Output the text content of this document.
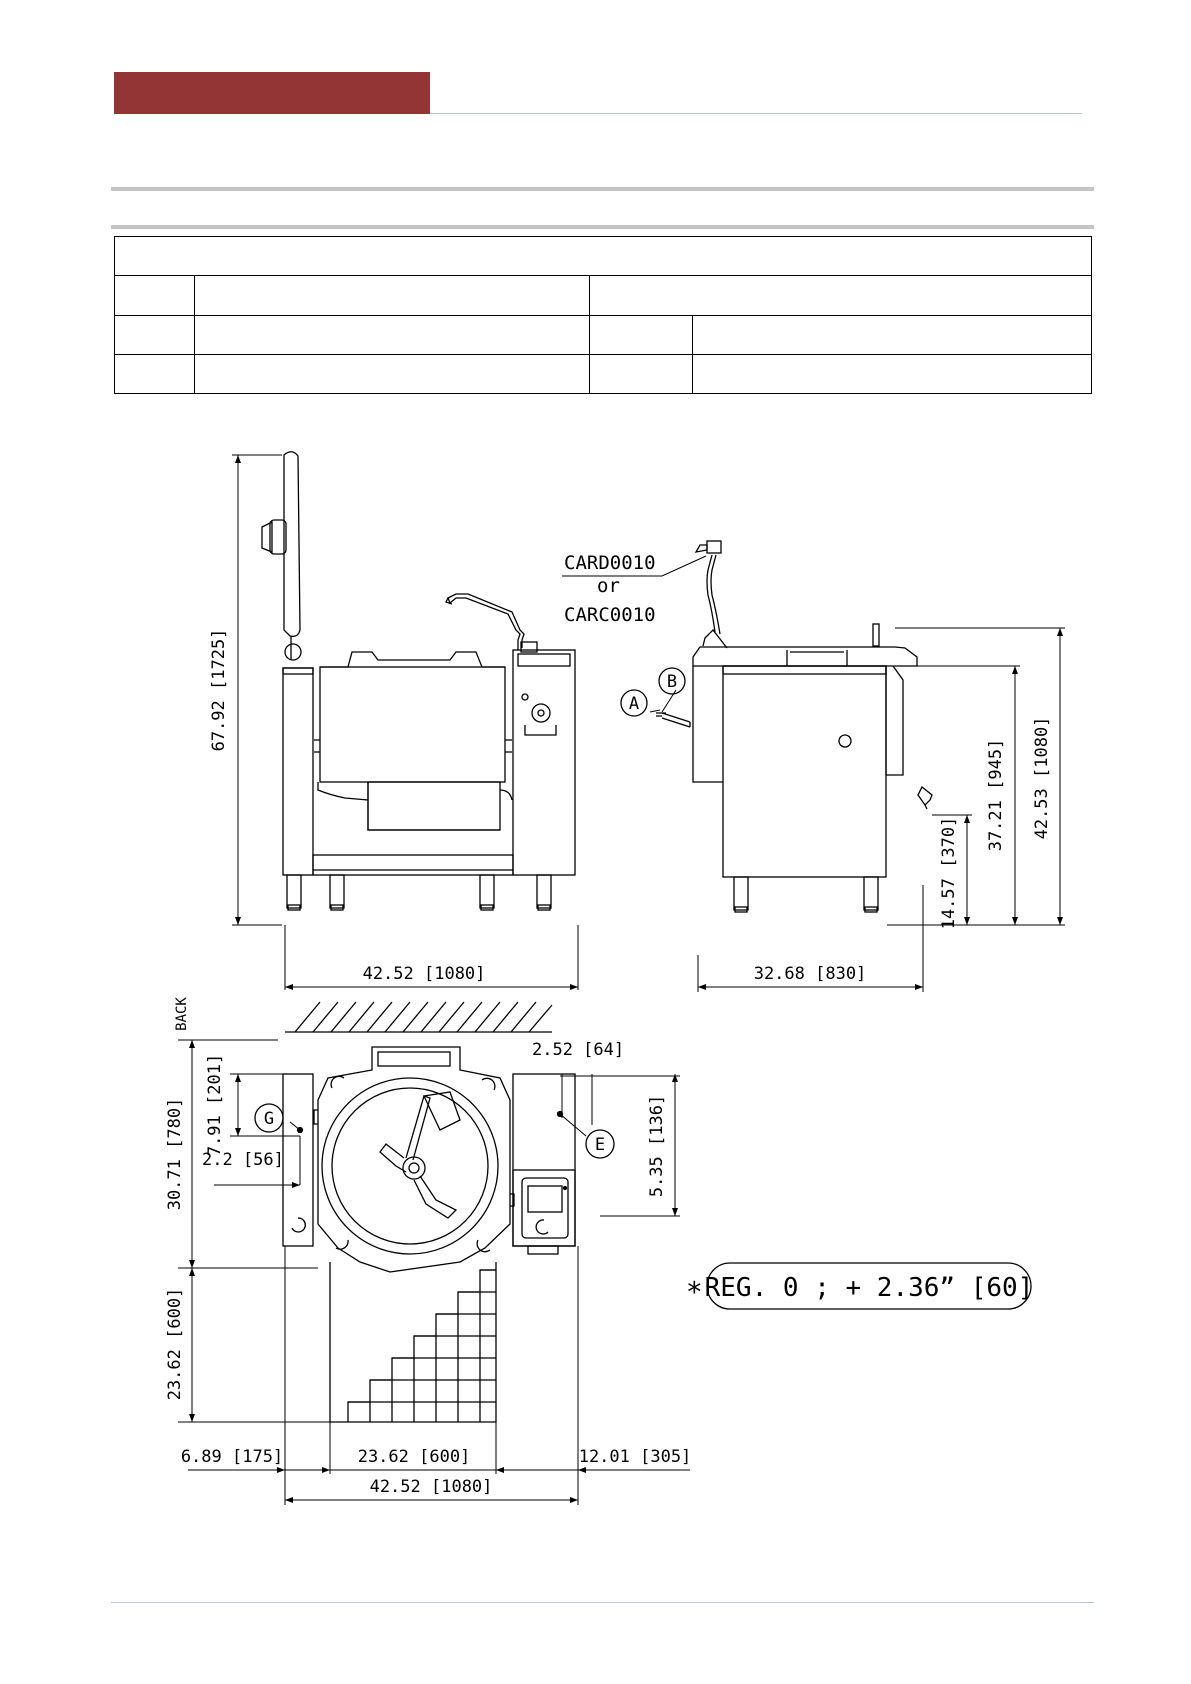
CARD0010
or
CARC0010
A
B
G
E
67.92 [1725]
42.52 [1080]	32.68 [830]
42.53 [1080]
37.21 [945]
14.57 [370]
BACK
30.71 [780] 7.91 [201]
2.2 [56]
2.52 [64]
5.35 [136]
23.62 [600]
6.89 [175]	23.62 [600]	12.01 [305]
42.52 [1080]
∗ REG. 0 ; + 2.36” [60]
